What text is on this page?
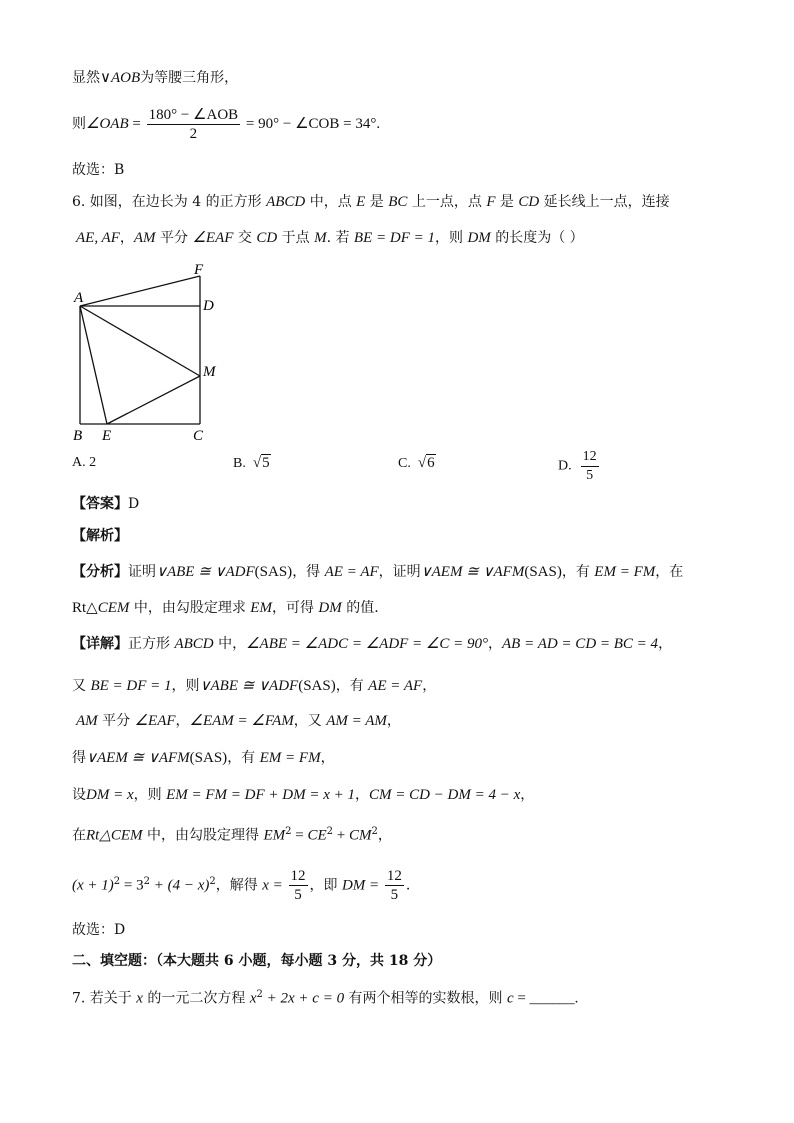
显然∨AOB为等腰三角形，
则∠OAB = $\frac{\text{180° − ∠AOB}}{2} = 90^\circ$ − ∠COB = 34°.
故选：B
6. 如图，在边长为 4 的正方形 ABCD 中，点 E 是 BC 上一点，点 F 是 CD 延长线上一点，连接
AE, AF，AM 平分 ∠EAF 交 CD 于点 M. 若 BE = DF = 1，则 DM 的长度为（ ）
A
F
D
M
B E	C
A. 2	B. √5	C. √6	D. $\frac{12}{5}$
【答案】D
【解析】
【分析】证明∨ABE ≅ ∨ADF(SAS)，得 AE = AF，证明∨AEM ≅ ∨AFM(SAS)，有 EM = FM，在
Rt△CEM 中，由勾股定理求 EM，可得 DM 的值.
【详解】正方形 ABCD 中，∠ABE = ∠ADC = ∠ADF = ∠C = 90°，AB = AD = CD = BC = 4，
又 BE = DF = 1，则∨ABE ≅ ∨ADF(SAS)，有 AE = AF，
AM 平分 ∠EAF，∠EAM = ∠FAM，又 AM = AM，
得∨AEM ≅ ∨AFM(SAS)，有 EM = FM，
设DM = x，则 EM = FM = DF + DM = x + 1，CM = CD − DM = 4 − x，
在Rt△CEM 中，由勾股定理得 $EM^2 = CE^2 + CM^2$，
$(x + 1)^2 = 3^2 + (4 - x)^2$，解得 $x = \frac{12}{5}$ ，即 DM = $\frac{12}{5}$ .
故选：D
二、填空题：（本大题共 6 小题，每小题 3 分，共 18 分）
7. 若关于 x 的一元二次方程 $x^2 + 2x + c = 0$ 有两个相等的实数根，则 c = ______.
